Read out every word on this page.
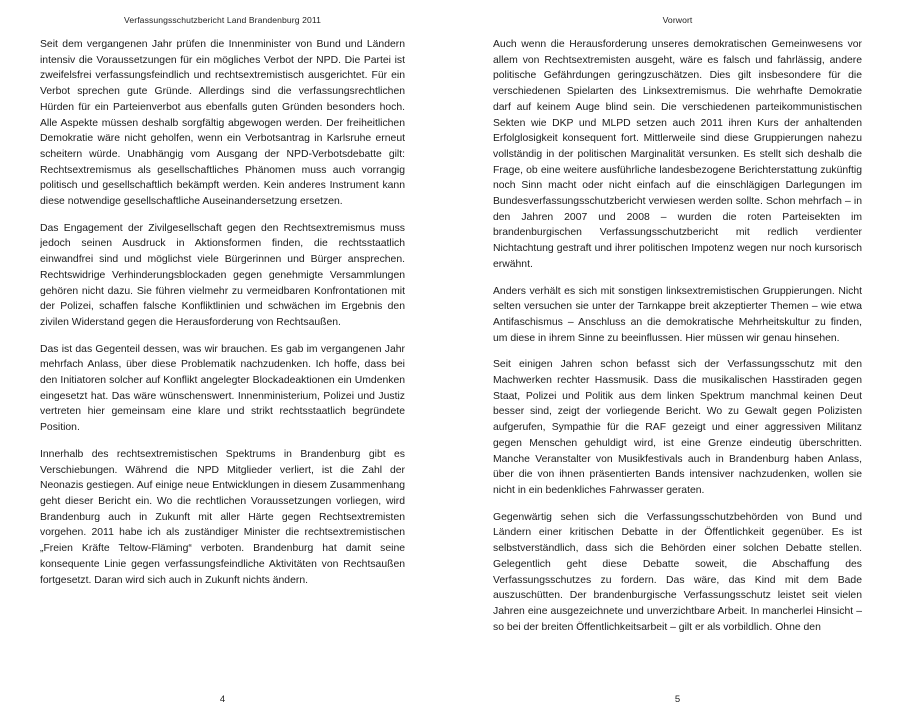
Verfassungsschutzbericht Land Brandenburg 2011

Seit dem vergangenen Jahr prüfen die Innenminister von Bund und Ländern intensiv die Voraussetzungen für ein mögliches Verbot der NPD. Die Partei ist zweifelsfrei verfassungsfeindlich und rechtsextremistisch ausgerichtet. Für ein Verbot sprechen gute Gründe. Allerdings sind die verfassungsrechtlichen Hürden für ein Parteienverbot aus ebenfalls guten Gründen besonders hoch. Alle Aspekte müssen deshalb sorgfältig abgewogen werden. Der freiheitlichen Demokratie wäre nicht geholfen, wenn ein Verbotsantrag in Karlsruhe erneut scheitern würde. Unabhängig vom Ausgang der NPD-Verbotsdebatte gilt: Rechtsextremismus als gesellschaftliches Phänomen muss auch vorrangig politisch und gesellschaftlich bekämpft werden. Kein anderes Instrument kann diese notwendige gesellschaftliche Auseinandersetzung ersetzen.

Das Engagement der Zivilgesellschaft gegen den Rechtsextremismus muss jedoch seinen Ausdruck in Aktionsformen finden, die rechtsstaatlich einwandfrei sind und möglichst viele Bürgerinnen und Bürger ansprechen. Rechtswidrige Verhinderungsblockaden gegen genehmigte Versammlungen gehören nicht dazu. Sie führen vielmehr zu vermeidbaren Konfrontationen mit der Polizei, schaffen falsche Konfliktlinien und schwächen im Ergebnis den zivilen Widerstand gegen die Herausforderung von Rechtsaußen.

Das ist das Gegenteil dessen, was wir brauchen. Es gab im vergangenen Jahr mehrfach Anlass, über diese Problematik nachzudenken. Ich hoffe, dass bei den Initiatoren solcher auf Konflikt angelegter Blockadeaktionen ein Umdenken eingesetzt hat. Das wäre wünschenswert. Innenministerium, Polizei und Justiz vertreten hier gemeinsam eine klare und strikt rechtsstaatlich begründete Position.

Innerhalb des rechtsextremistischen Spektrums in Brandenburg gibt es Verschiebungen. Während die NPD Mitglieder verliert, ist die Zahl der Neonazis gestiegen. Auf einige neue Entwicklungen in diesem Zusammenhang geht dieser Bericht ein. Wo die rechtlichen Voraussetzungen vorliegen, wird Brandenburg auch in Zukunft mit aller Härte gegen Rechtsextremisten vorgehen. 2011 habe ich als zuständiger Minister die rechtsextremistischen „Freien Kräfte Teltow-Fläming“ verboten. Brandenburg hat damit seine konsequente Linie gegen verfassungsfeindliche Aktivitäten von Rechtsaußen fortgesetzt. Daran wird sich auch in Zukunft nichts ändern.

4
Vorwort

Auch wenn die Herausforderung unseres demokratischen Gemeinwesens vor allem von Rechtsextremisten ausgeht, wäre es falsch und fahrlässig, andere politische Gefährdungen geringzuschätzen. Dies gilt insbesondere für die verschiedenen Spielarten des Linksextremismus. Die wehrhafte Demokratie darf auf keinem Auge blind sein. Die verschiedenen parteikommunistischen Sekten wie DKP und MLPD setzen auch 2011 ihren Kurs der anhaltenden Erfolglosigkeit konsequent fort. Mittlerweile sind diese Gruppierungen nahezu vollständig in der politischen Marginalität versunken. Es stellt sich deshalb die Frage, ob eine weitere ausführliche landesbezogene Berichterstattung zukünftig noch Sinn macht oder nicht einfach auf die einschlägigen Darlegungen im Bundesverfassungsschutzbericht verwiesen werden sollte. Schon mehrfach – in den Jahren 2007 und 2008 – wurden die roten Parteisekten im brandenburgischen Verfassungsschutzbericht mit redlich verdienter Nichtachtung gestraft und ihrer politischen Impotenz wegen nur noch kursorisch erwähnt.

Anders verhält es sich mit sonstigen linksextremistischen Gruppierungen. Nicht selten versuchen sie unter der Tarnkappe breit akzeptierter Themen – wie etwa Antifaschismus – Anschluss an die demokratische Mehrheitskultur zu finden, um diese in ihrem Sinne zu beeinflussen. Hier müssen wir genau hinsehen.

Seit einigen Jahren schon befasst sich der Verfassungsschutz mit den Machwerken rechter Hassmusik. Dass die musikalischen Hasstiraden gegen Staat, Polizei und Politik aus dem linken Spektrum manchmal keinen Deut besser sind, zeigt der vorliegende Bericht. Wo zu Gewalt gegen Polizisten aufgerufen, Sympathie für die RAF gezeigt und einer aggressiven Militanz gegen Menschen gehuldigt wird, ist eine Grenze eindeutig überschritten. Manche Veranstalter von Musikfestivals auch in Brandenburg haben Anlass, über die von ihnen präsentierten Bands intensiver nachzudenken, wollen sie nicht in ein bedenkliches Fahrwasser geraten.

Gegenwärtig sehen sich die Verfassungsschutzbehörden von Bund und Ländern einer kritischen Debatte in der Öffentlichkeit gegenüber. Es ist selbstverständlich, dass sich die Behörden einer solchen Debatte stellen. Gelegentlich geht diese Debatte soweit, die Abschaffung des Verfassungsschutzes zu fordern. Das wäre, das Kind mit dem Bade auszuschütten. Der brandenburgische Verfassungsschutz leistet seit vielen Jahren eine ausgezeichnete und unverzichtbare Arbeit. In mancherlei Hinsicht – so bei der breiten Öffentlichkeitsarbeit – gilt er als vorbildlich. Ohne den

5
